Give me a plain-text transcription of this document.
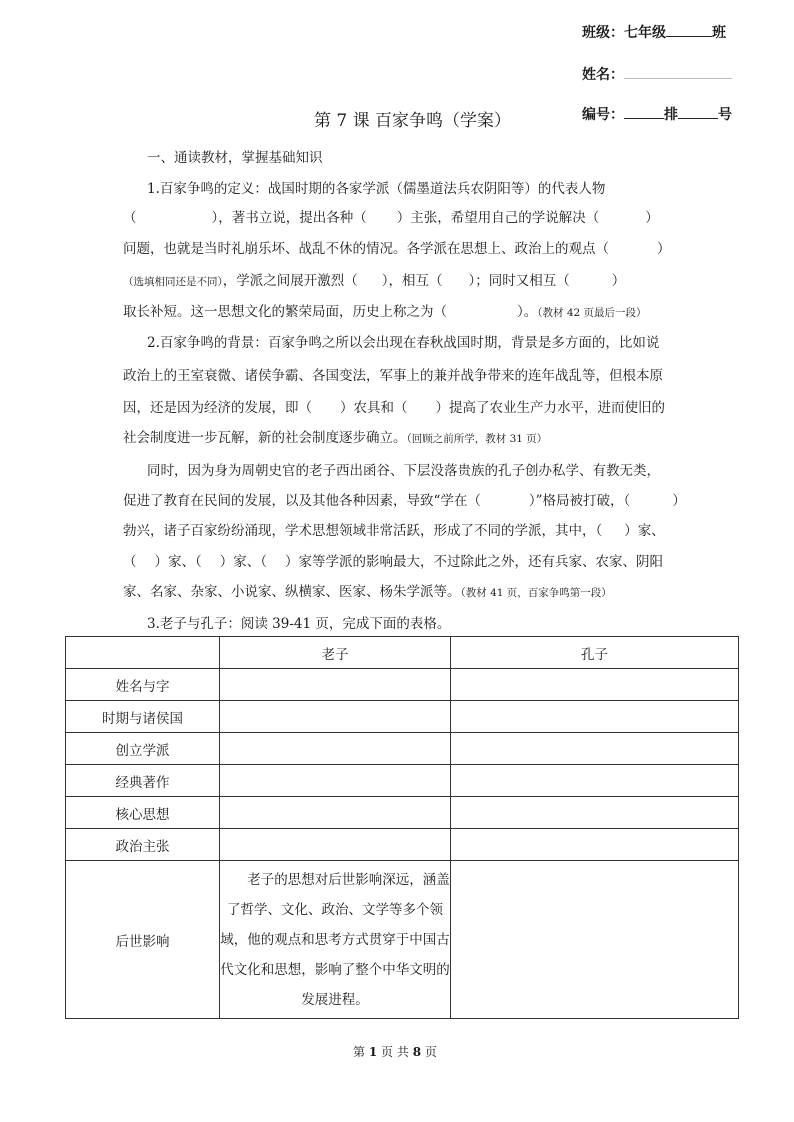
班级：七年级	班
姓名：
编号：	排	号
第 7 课 百家争鸣（学案）
一、通读教材，掌握基础知识
1.百家争鸣的定义：战国时期的各家学派（儒墨道法兵农阴阳等）的代表人物
（	），著书立说，提出各种（ ）主张，希望用自己的学说解决（	）
问题，也就是当时礼崩乐坏、战乱不休的情况。各学派在思想上、政治上的观点（	）
（选填相同还是不同），学派之间展开激烈（ ），相互（ ）；同时又相互（	）
取长补短。这一思想文化的繁荣局面，历史上称之为（	）。（教材 42 页最后一段）
2.百家争鸣的背景：百家争鸣之所以会出现在春秋战国时期，背景是多方面的，比如说
政治上的王室衰微、诸侯争霸、各国变法，军事上的兼并战争带来的连年战乱等，但根本原
因，还是因为经济的发展，即（ ）农具和（ ）提高了农业生产力水平，进而使旧的
社会制度进一步瓦解，新的社会制度逐步确立。（回顾之前所学，教材 31 页）
同时，因为身为周朝史官的老子西出函谷、下层没落贵族的孔子创办私学、有教无类，
促进了教育在民间的发展，以及其他各种因素，导致“学在（	）”格局被打破，（	）
勃兴，诸子百家纷纷涌现，学术思想领域非常活跃，形成了不同的学派，其中，（ ）家、
（ ）家、（ ）家、（ ）家等学派的影响最大，不过除此之外，还有兵家、农家、阴阳
家、名家、杂家、小说家、纵横家、医家、杨朱学派等。（教材 41 页，百家争鸣第一段）
3.老子与孔子：阅读 39-41 页，完成下面的表格。
	老子	孔子
姓名与字		
时期与诸侯国		
创立学派		
经典著作		
核心思想		
政治主张		
后世影响	老子的思想对后世影响深远，涵盖了哲学、文化、政治、文学等多个领域，他的观点和思考方式贯穿于中国古代文化和思想，影响了整个中华文明的发展进程。	
第 1 页 共 8 页
